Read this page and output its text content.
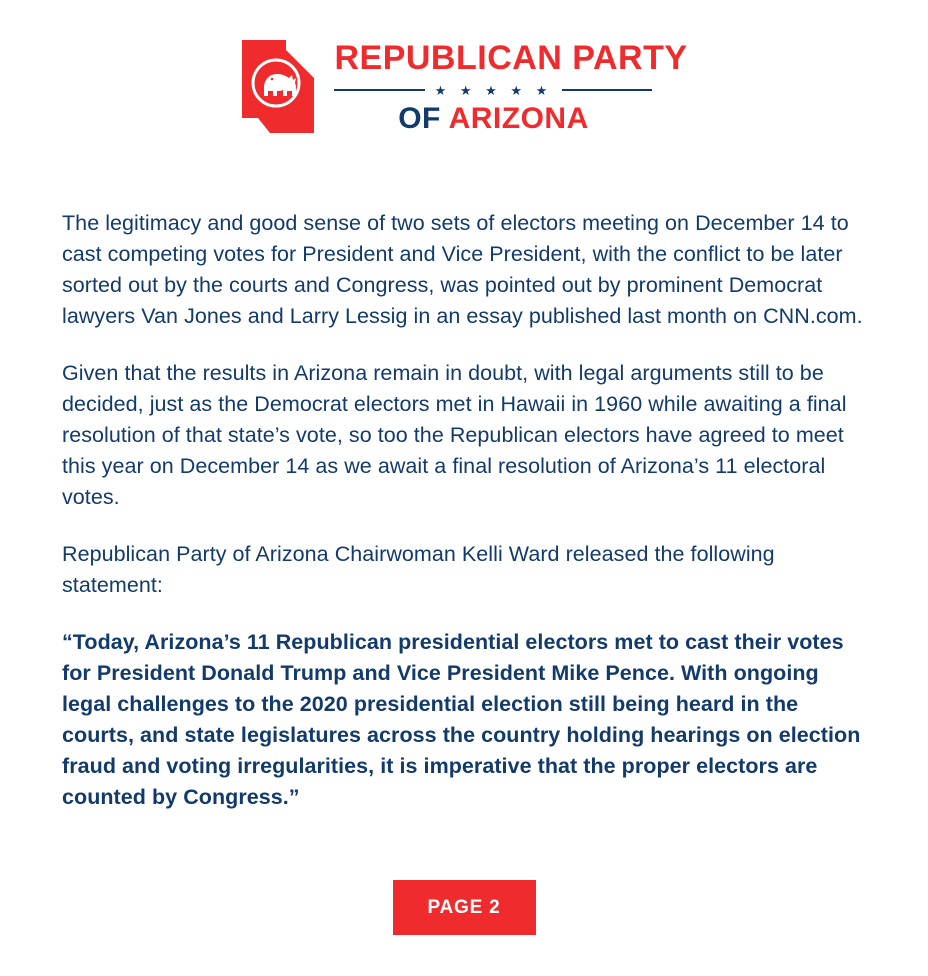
REPUBLICAN PARTY
★ ★ ★ ★ ★
OF ARIZONA

The legitimacy and good sense of two sets of electors meeting on December 14 to cast competing votes for President and Vice President, with the conflict to be later sorted out by the courts and Congress, was pointed out by prominent Democrat lawyers Van Jones and Larry Lessig in an essay published last month on CNN.com.

Given that the results in Arizona remain in doubt, with legal arguments still to be decided, just as the Democrat electors met in Hawaii in 1960 while awaiting a final resolution of that state’s vote, so too the Republican electors have agreed to meet this year on December 14 as we await a final resolution of Arizona’s 11 electoral votes.

Republican Party of Arizona Chairwoman Kelli Ward released the following statement:

“Today, Arizona’s 11 Republican presidential electors met to cast their votes for President Donald Trump and Vice President Mike Pence. With ongoing legal challenges to the 2020 presidential election still being heard in the courts, and state legislatures across the country holding hearings on election fraud and voting irregularities, it is imperative that the proper electors are counted by Congress.”

PAGE 2
